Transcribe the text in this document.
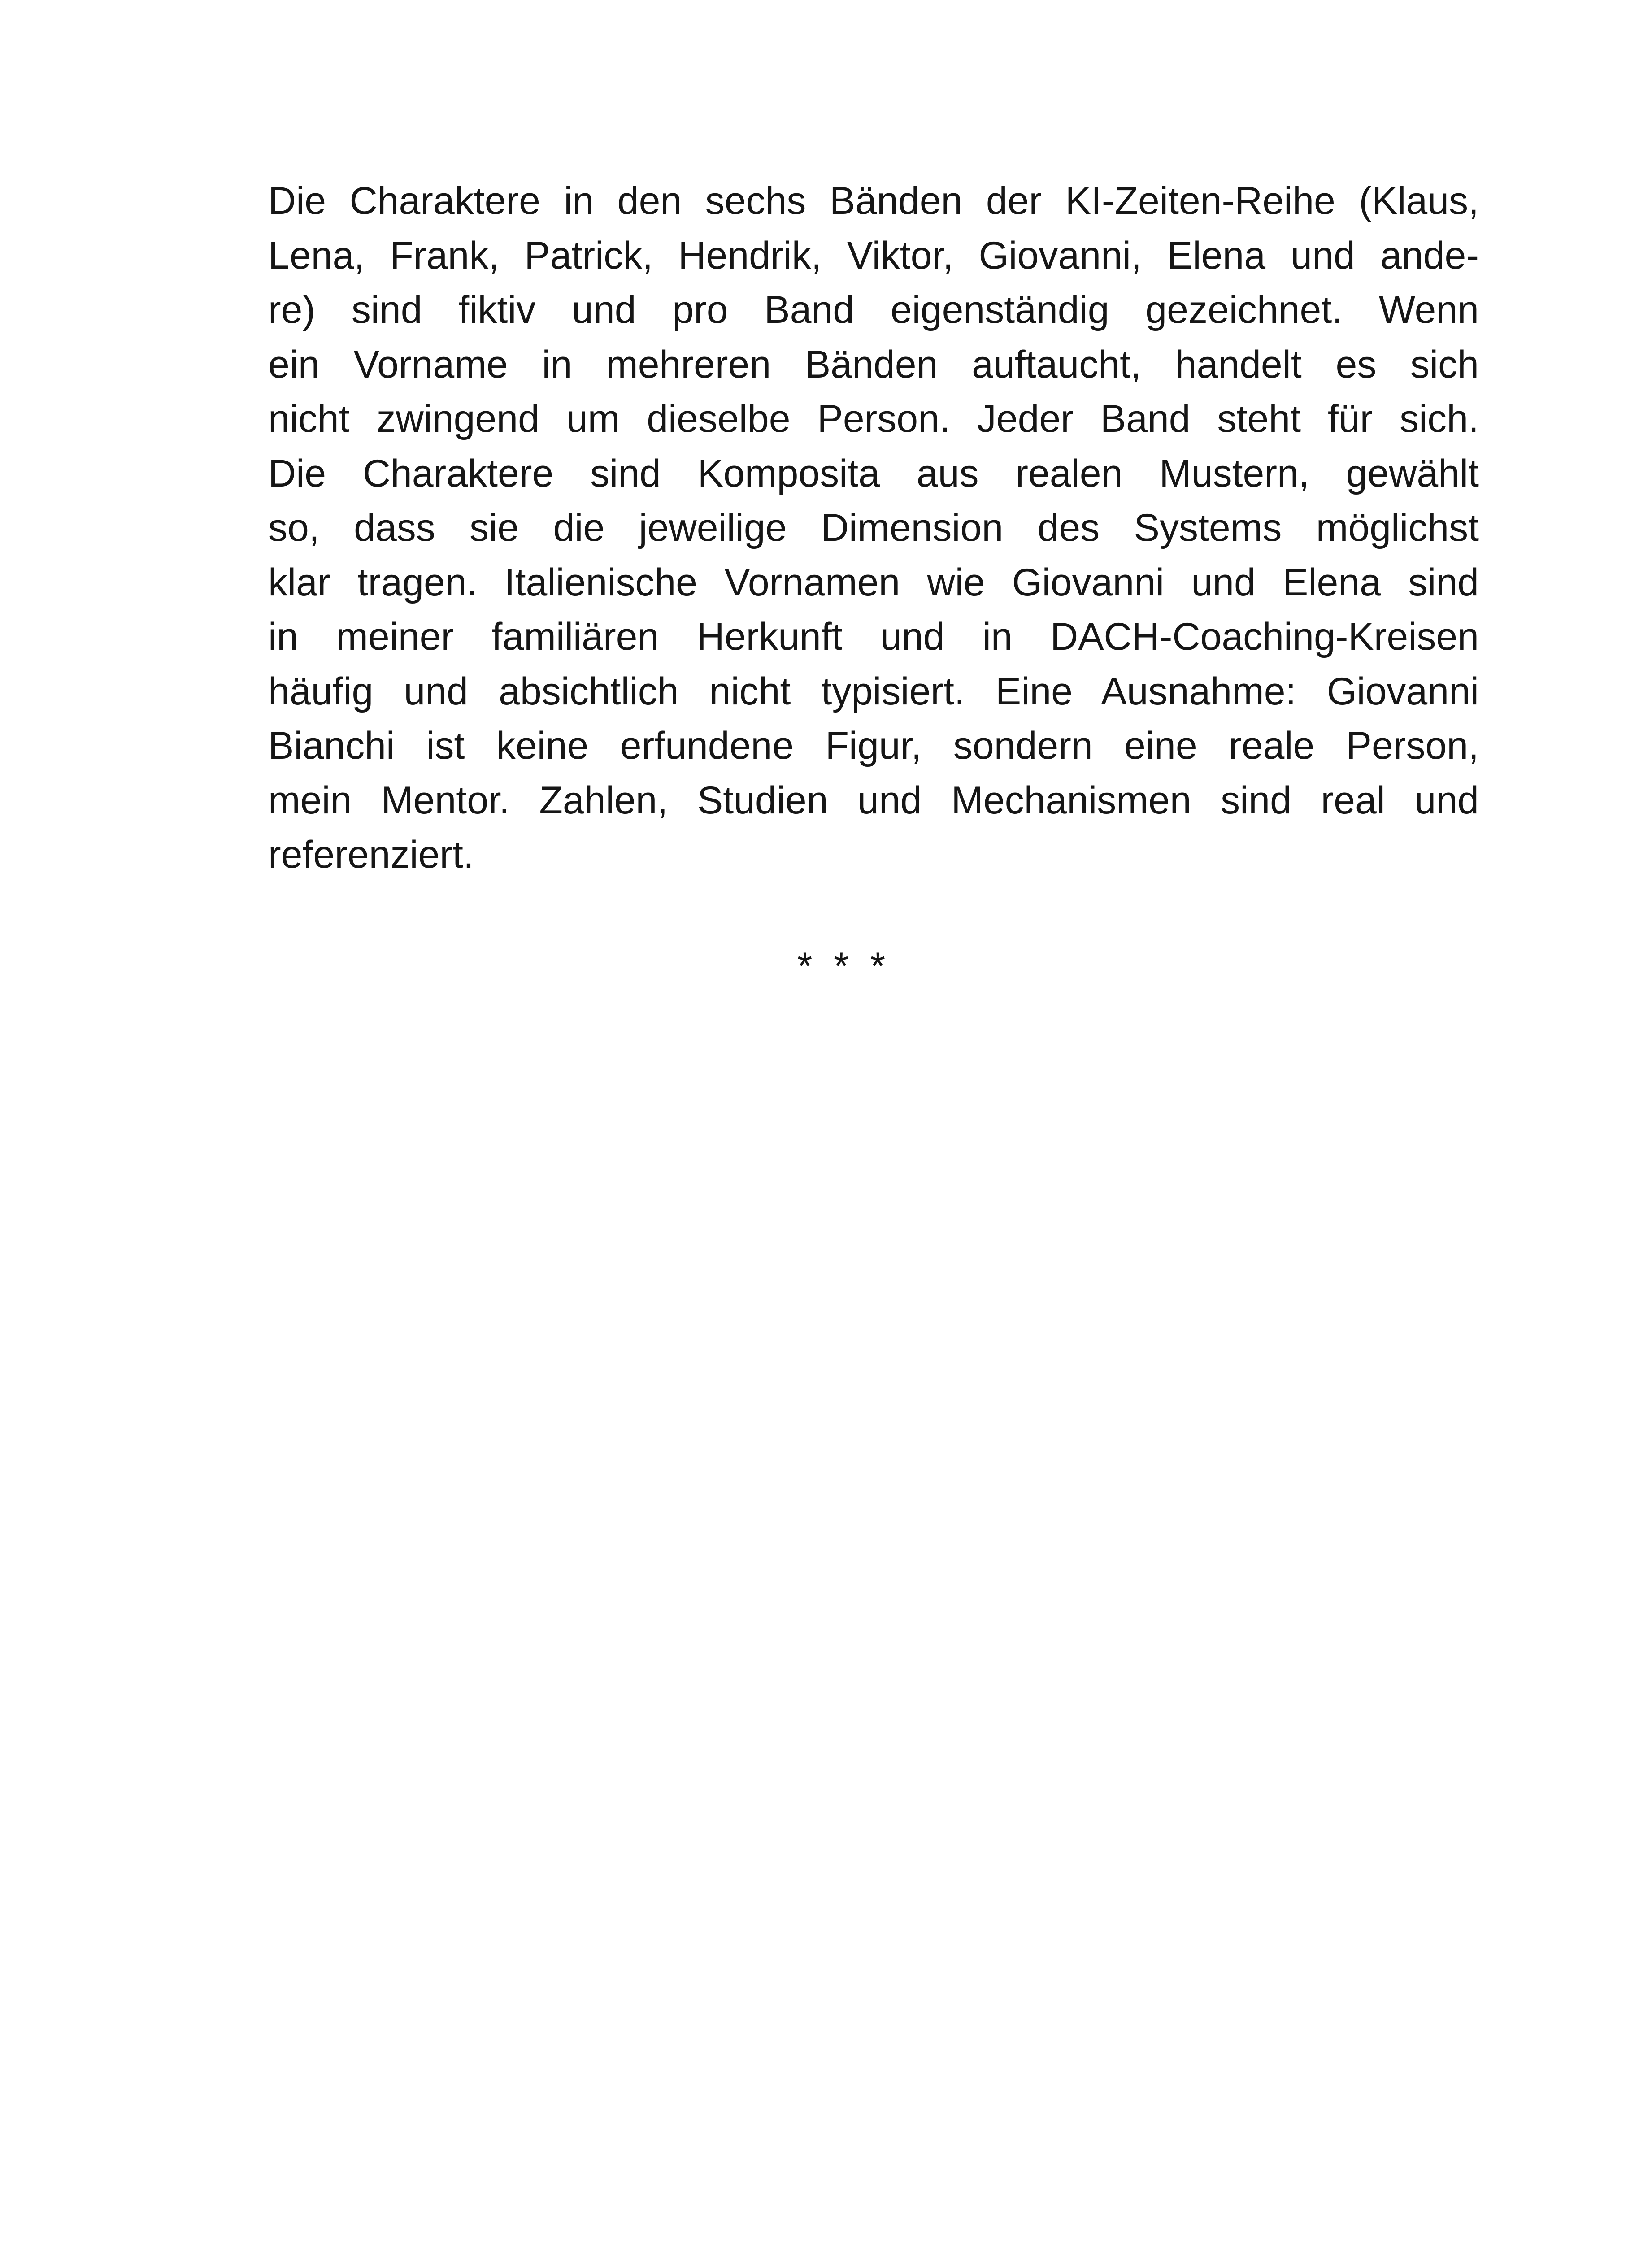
Die Charaktere in den sechs Bänden der KI-Zeiten-Reihe (Klaus,
Lena, Frank, Patrick, Hendrik, Viktor, Giovanni, Elena und ande-
re) sind fiktiv und pro Band eigenständig gezeichnet. Wenn
ein Vorname in mehreren Bänden auftaucht, handelt es sich
nicht zwingend um dieselbe Person. Jeder Band steht für sich.
Die Charaktere sind Komposita aus realen Mustern, gewählt
so, dass sie die jeweilige Dimension des Systems möglichst
klar tragen. Italienische Vornamen wie Giovanni und Elena sind
in meiner familiären Herkunft und in DACH-Coaching-Kreisen
häufig und absichtlich nicht typisiert. Eine Ausnahme: Giovanni
Bianchi ist keine erfundene Figur, sondern eine reale Person,
mein Mentor. Zahlen, Studien und Mechanismen sind real und
referenziert.
* * *
